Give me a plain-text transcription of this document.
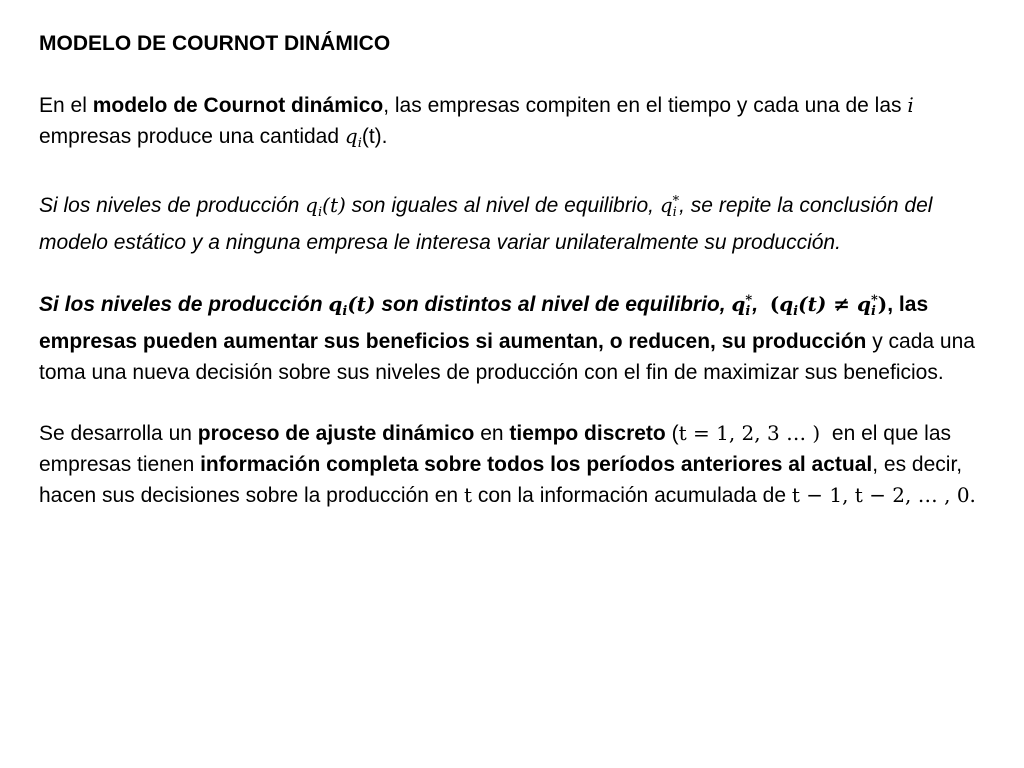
MODELO DE COURNOT DINÁMICO

En el modelo de Cournot dinámico, las empresas compiten en el tiempo y cada una de las i empresas produce una cantidad $q_i(t)$.

Si los niveles de producción $q_i(t)$ son iguales al nivel de equilibrio, q *
i , se repite la conclusión del modelo estático y a ninguna empresa le interesa variar unilateralmente su producción.

Si los niveles de producción $q_i(t)$ son distintos al nivel de equilibrio, q *
i ,  ($q_i(t) \ne q$ *
i ), las empresas pueden aumentar sus beneficios si aumentan, o reducen, su producción y cada una toma una nueva decisión sobre sus niveles de producción con el fin de maximizar sus beneficios.

Se desarrolla un proceso de ajuste dinámico en tiempo discreto (t = 1, 2, 3 … )  en el que las empresas tienen información completa sobre todos los períodos anteriores al actual, es decir, hacen sus decisiones sobre la producción en t con la información acumulada de t − 1, t − 2, … , 0.
